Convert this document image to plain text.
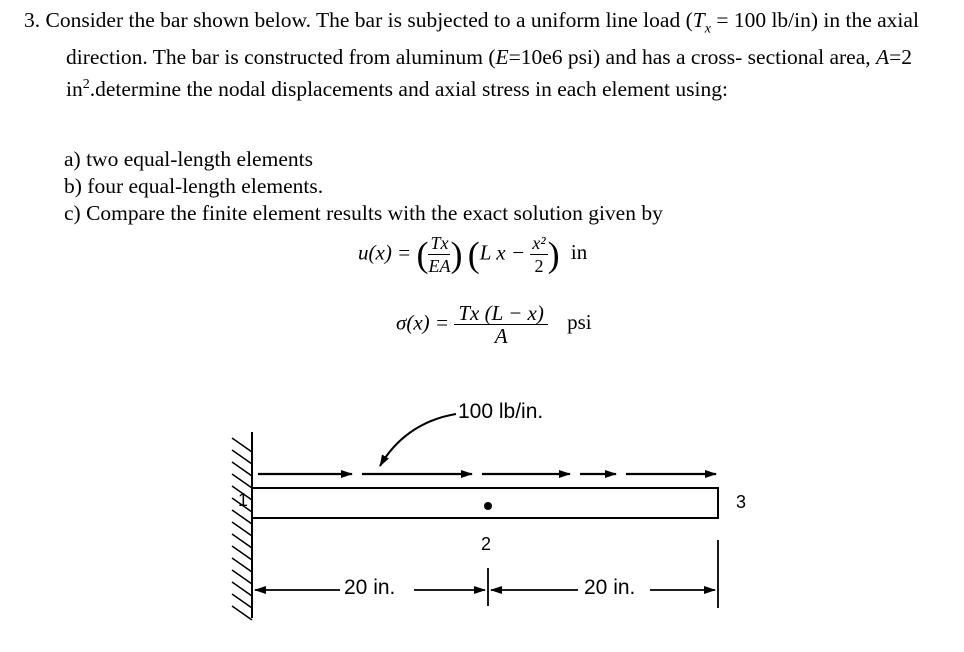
3. Consider the bar shown below. The bar is subjected to a uniform line load ($T_x = 100$ lb/in) in the axial direction. The bar is constructed from aluminum (E=10e6 psi) and has a cross- sectional area, A=2 $in^2.determine$ the nodal displacements and axial stress in each element using:

a) two equal-length elements
b) four equal-length elements.
c) Compare the finite element results with the exact solution given by
u(x) = ( $\frac{Tx}{EA}$ ) (L $x - \frac{\text{x²}}{2}$ ) in
$\sigma(x) = \frac{Tx (L - x)}{A}$ psi
100 lb/in.
1
2
3
20 in.	20 in.
